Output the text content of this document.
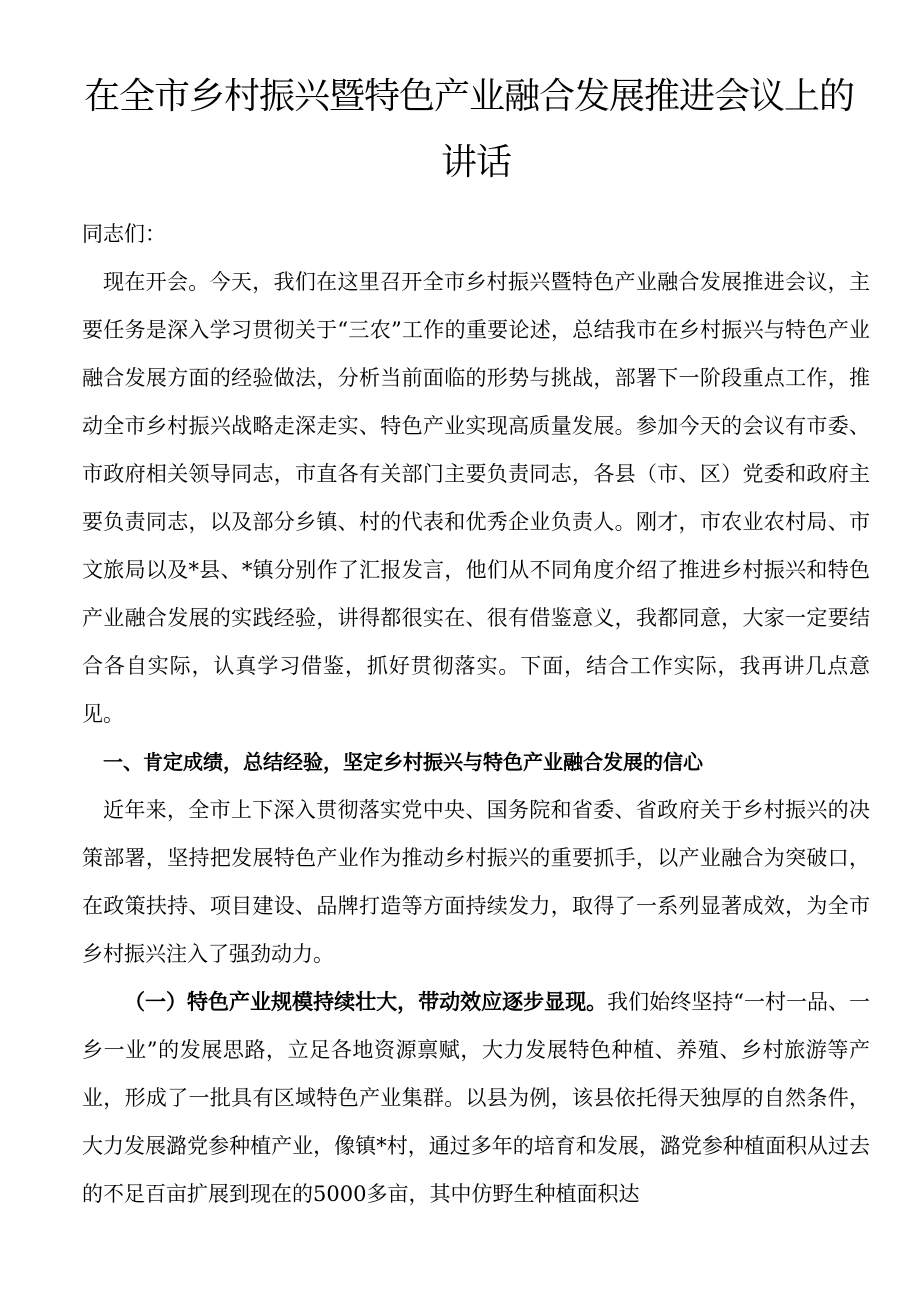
在全市乡村振兴暨特色产业融合发展推进会议上的讲话

同志们：

现在开会。今天，我们在这里召开全市乡村振兴暨特色产业融合发展推进会议，主要任务是深入学习贯彻关于“三农”工作的重要论述，总结我市在乡村振兴与特色产业融合发展方面的经验做法，分析当前面临的形势与挑战，部署下一阶段重点工作，推动全市乡村振兴战略走深走实、特色产业实现高质量发展。参加今天的会议有市委、市政府相关领导同志，市直各有关部门主要负责同志，各县（市、区）党委和政府主要负责同志，以及部分乡镇、村的代表和优秀企业负责人。刚才，市农业农村局、市文旅局以及*县、*镇分别作了汇报发言，他们从不同角度介绍了推进乡村振兴和特色产业融合发展的实践经验，讲得都很实在、很有借鉴意义，我都同意，大家一定要结合各自实际，认真学习借鉴，抓好贯彻落实。下面，结合工作实际，我再讲几点意见。

一、肯定成绩，总结经验，坚定乡村振兴与特色产业融合发展的信心

近年来，全市上下深入贯彻落实党中央、国务院和省委、省政府关于乡村振兴的决策部署，坚持把发展特色产业作为推动乡村振兴的重要抓手，以产业融合为突破口，在政策扶持、项目建设、品牌打造等方面持续发力，取得了一系列显著成效，为全市乡村振兴注入了强劲动力。

（一）特色产业规模持续壮大，带动效应逐步显现。我们始终坚持“一村一品、一乡一业”的发展思路，立足各地资源禀赋，大力发展特色种植、养殖、乡村旅游等产业，形成了一批具有区域特色产业集群。以县为例，该县依托得天独厚的自然条件，大力发展潞党参种植产业，像镇*村，通过多年的培育和发展，潞党参种植面积从过去的不足百亩扩展到现在的5000多亩，其中仿野生种植面积达
